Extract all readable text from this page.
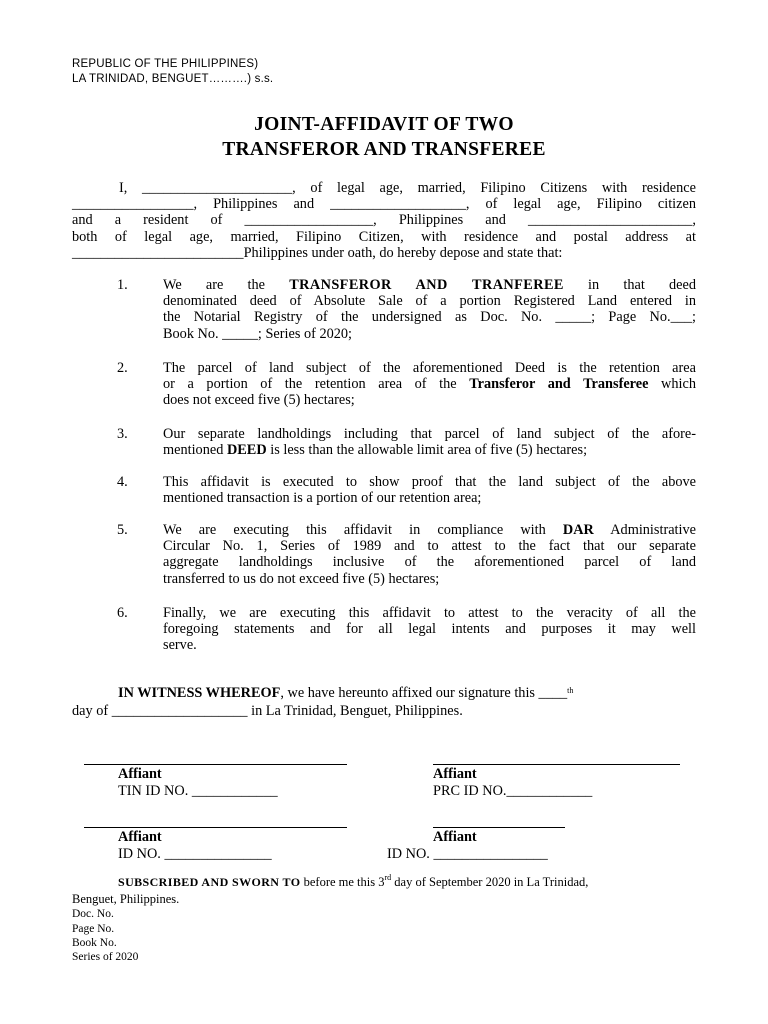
REPUBLIC OF THE PHILIPPINES)
LA TRINIDAD, BENGUET……….) s.s.
JOINT-AFFIDAVIT OF TWO
TRANSFEROR AND TRANSFEREE
I, _____________________, of legal age, married, Filipino Citizens with residence
_________________, Philippines and ___________________, of legal age, Filipino citizen
and a resident of __________________, Philippines and _______________________,
both of legal age, married, Filipino Citizen, with residence and postal address at
________________________Philippines under oath, do hereby depose and state that:
1. We are the TRANSFEROR AND TRANFEREE in that deed
denominated deed of Absolute Sale of a portion Registered Land entered in
the Notarial Registry of the undersigned as Doc. No. _____; Page No.___;
Book No. _____; Series of 2020;
2. The parcel of land subject of the aforementioned Deed is the retention area
or a portion of the retention area of the Transferor and Transferee which
does not exceed five (5) hectares;
3. Our separate landholdings including that parcel of land subject of the afore-
mentioned DEED is less than the allowable limit area of five (5) hectares;
4. This affidavit is executed to show proof that the land subject of the above
mentioned transaction is a portion of our retention area;
5. We are executing this affidavit in compliance with DAR Administrative
Circular No. 1, Series of 1989 and to attest to the fact that our separate
aggregate landholdings inclusive of the aforementioned parcel of land
transferred to us do not exceed five (5) hectares;
6. Finally, we are executing this affidavit to attest to the veracity of all the
foregoing statements and for all legal intents and purposes it may well
serve.
IN WITNESS WHEREOF, we have hereunto affixed our signature this ____$^{th}$
day of ___________________ in La Trinidad, Benguet, Philippines.
Affiant	Affiant
TIN ID NO. ____________	PRC ID NO.____________
Affiant	Affiant
ID NO. _______________	ID NO. ________________
SUBSCRIBED AND SWORN TO before me this 3rd day of September 2020 in La Trinidad,
Benguet, Philippines.
Doc. No.
Page No.
Book No.
Series of 2020
